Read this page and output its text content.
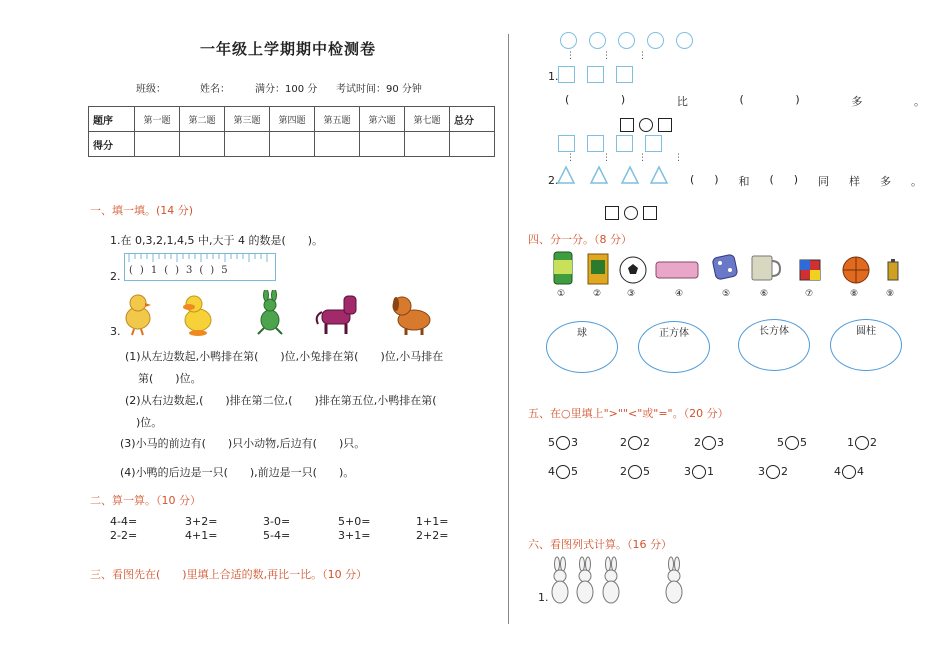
一年级上学期期中检测卷
班级：	姓名：	满分：100 分 考试时间：90 分钟
题序	第一题	第二题	第三题	第四题	第五题	第六题	第七题	总分
得分								
一、填一填。(14 分)
1.在 0,3,2,1,4,5 中,大于 4 的数是(　　)。
2. ( ) 1 ( ) 3 ( ) 5
3.
(1)从左边数起,小鸭排在第(　　)位,小兔排在第(　　)位,小马排在
第(　　)位。
(2)从右边数起,(　　)排在第二位,(　　)排在第五位,小鸭排在第(
)位。
(3)小马的前边有(　　)只小动物,后边有(　　)只。
(4)小鸭的后边是一只(　　),前边是一只(　　)。
二、算一算。（10 分）
4-4=	3+2=	3-0=	5+0=	1+1=
2-2=	4+1=	5-4=	3+1=	2+2=
三、看图先在(　　)里填上合适的数,再比一比。（10 分）
⋮⋮⋮
1.
(	)	比	(	)	多	。

⋮⋮⋮⋮
2.	( ) 和 ( ) 同 样 多 。

四、分一分。（8 分）
①	②	③	④	⑤	⑥	⑦	⑧	⑨
球	正方体	长方体	圆柱
五、在○里填上">""<"或"="。（20 分）
5 3	2 2	2 3	5 5	1 2
4 5	2 5	3 1	3 2	4 4
六、看图列式计算。（16 分）
1.
